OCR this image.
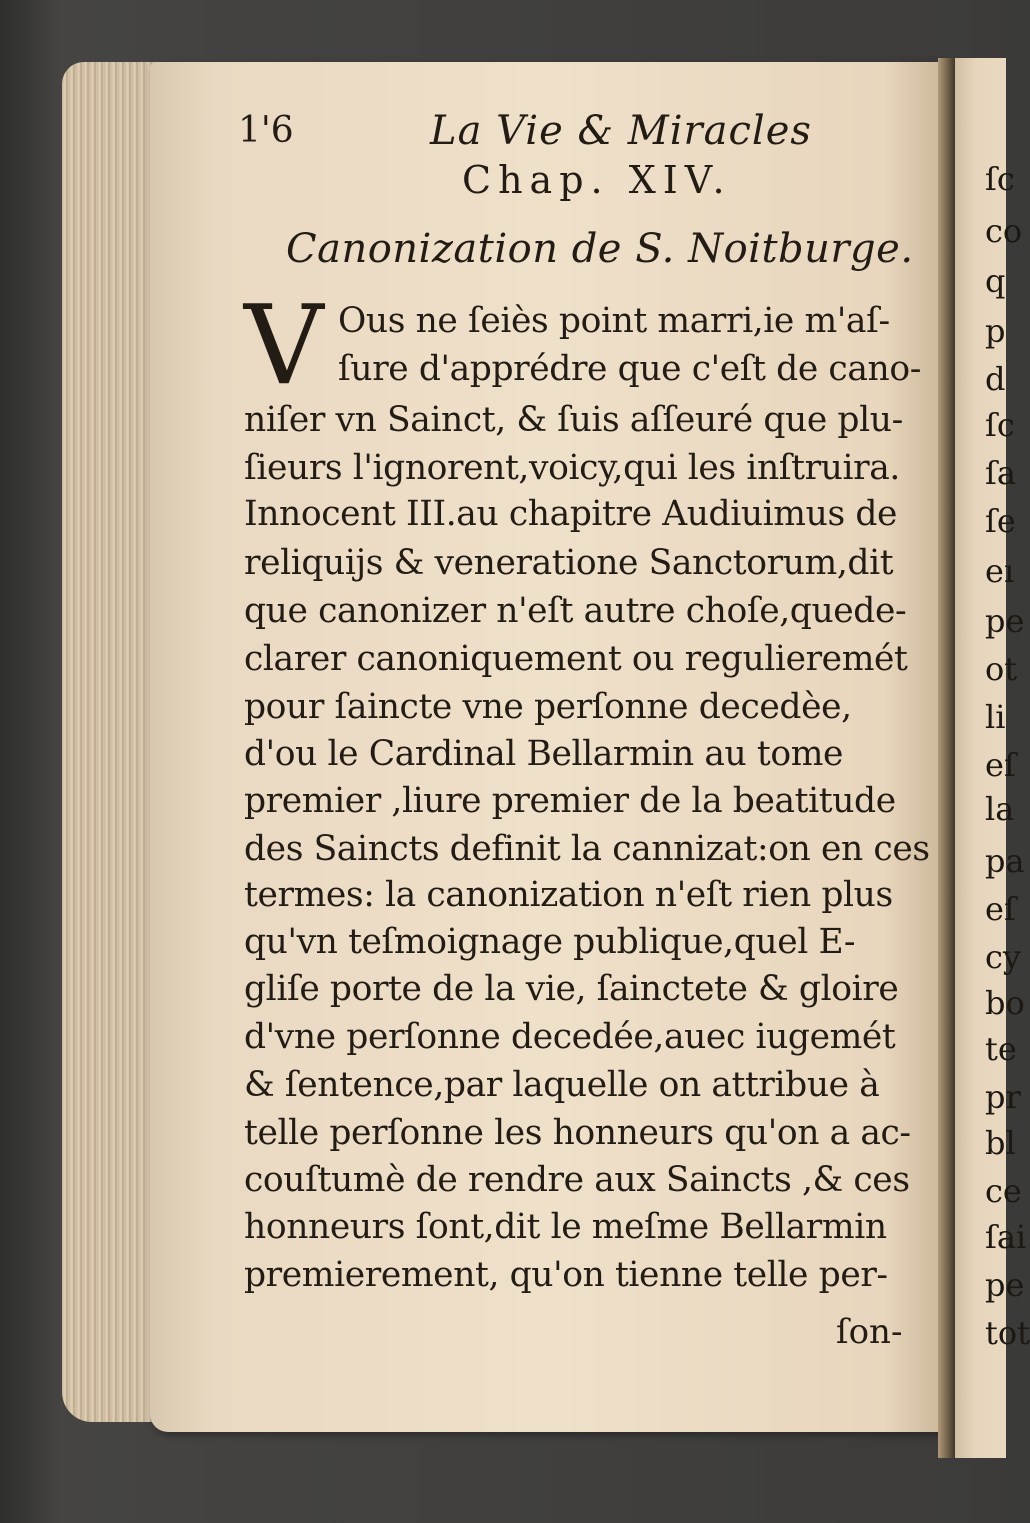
1'6	La Vie & Miracles
Chap. XIV.
Canonization de S. Noitburge.
V Ous ne ſeiès point marri,ie m'aſ-
ſure d'apprédre que c'eſt de cano-
niſer vn Sainct, & ſuis aſſeuré que plu-
ſieurs l'ignorent,voicy,qui les inſtruira.
Innocent III.au chapitre Audiuimus de
reliquijs & veneratione Sanctorum,dit
que canonizer n'eſt autre choſe,quede-
clarer canoniquement ou regulieremét
pour ſaincte vne perſonne decedèe,
d'ou le Cardinal Bellarmin au tome
premier ,liure premier de la beatitude
des Saincts definit la cannizat:on en ces
termes: la canonization n'eſt rien plus
qu'vn teſmoignage publique,quel E-
gliſe porte de la vie, ſainctete & gloire
d'vne perſonne decedée,auec iugemét
& ſentence,par laquelle on attribue à
telle perſonne les honneurs qu'on a ac-
couſtumè de rendre aux Saincts ,& ces
honneurs ſont,dit le meſme Bellarmin
premierement, qu'on tienne telle per-
ſon-
ſc
co
q
p
d
ſc
ſa
ſe
eı
pe
ot
li
eſ
la
pa
eſ
cy
bo
te
pr
bl
ce
ſai
pe
tot
